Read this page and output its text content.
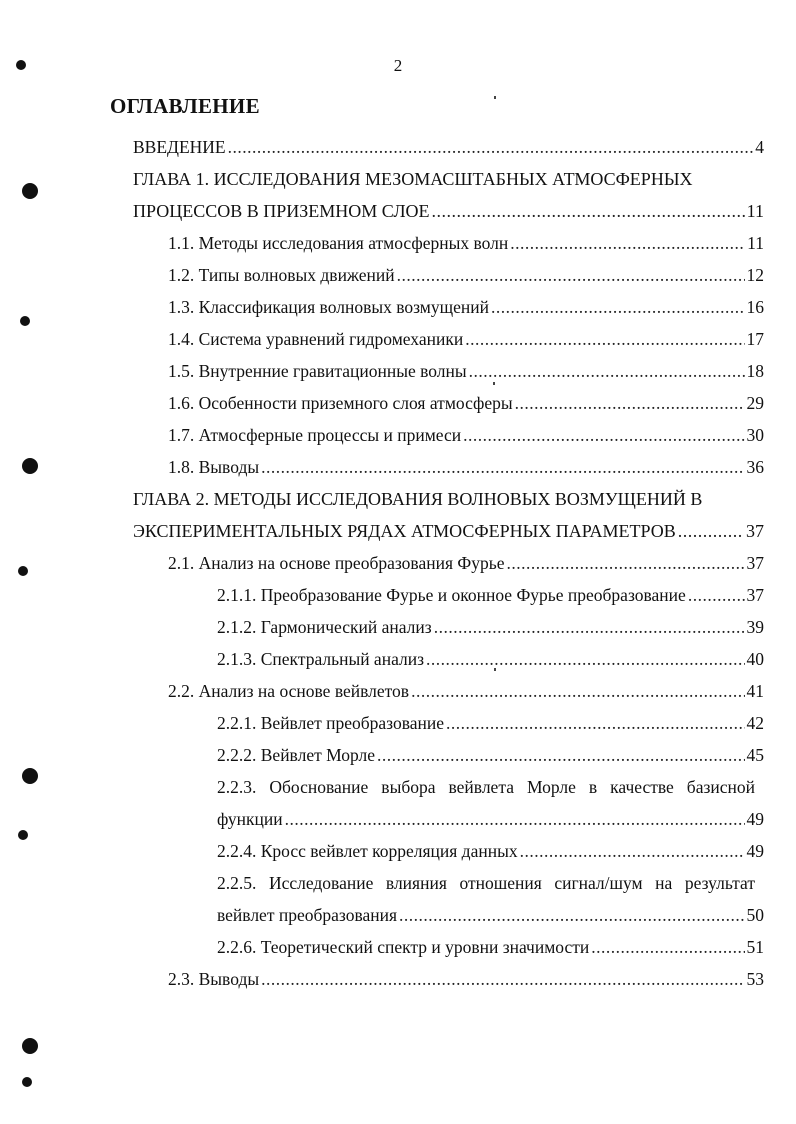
2
ОГЛАВЛЕНИЕ
ВВЕДЕНИЕ .....	4
ГЛАВА 1. ИССЛЕДОВАНИЯ МЕЗОМАСШТАБНЫХ АТМОСФЕРНЫХ
ПРОЦЕССОВ В ПРИЗЕМНОМ СЛОЕ .....	11
1.1. Методы исследования атмосферных волн .....	11
1.2. Типы волновых движений .....	12
1.3. Классификация волновых возмущений .....	16
1.4. Система уравнений гидромеханики .....	17
1.5. Внутренние гравитационные волны .....	18
1.6. Особенности приземного слоя атмосферы .....	29
1.7. Атмосферные процессы и примеси .....	30
1.8. Выводы .....	36
ГЛАВА 2. МЕТОДЫ ИССЛЕДОВАНИЯ ВОЛНОВЫХ ВОЗМУЩЕНИЙ В
ЭКСПЕРИМЕНТАЛЬНЫХ РЯДАХ АТМОСФЕРНЫХ ПАРАМЕТРОВ .....	37
2.1. Анализ на основе преобразования Фурье .....	37
2.1.1. Преобразование Фурье и оконное Фурье преобразование .....	37
2.1.2. Гармонический анализ .....	39
2.1.3. Спектральный анализ .....	40
2.2. Анализ на основе вейвлетов .....	41
2.2.1. Вейвлет преобразование .....	42
2.2.2. Вейвлет Морле .....	45
2.2.3. Обоснование выбора вейвлета Морле в качестве базисной
функции .....	49
2.2.4. Кросс вейвлет корреляция данных .....	49
2.2.5. Исследование влияния отношения сигнал/шум на результат
вейвлет преобразования .....	50
2.2.6. Теоретический спектр и уровни значимости .....	51
2.3. Выводы .....	53
